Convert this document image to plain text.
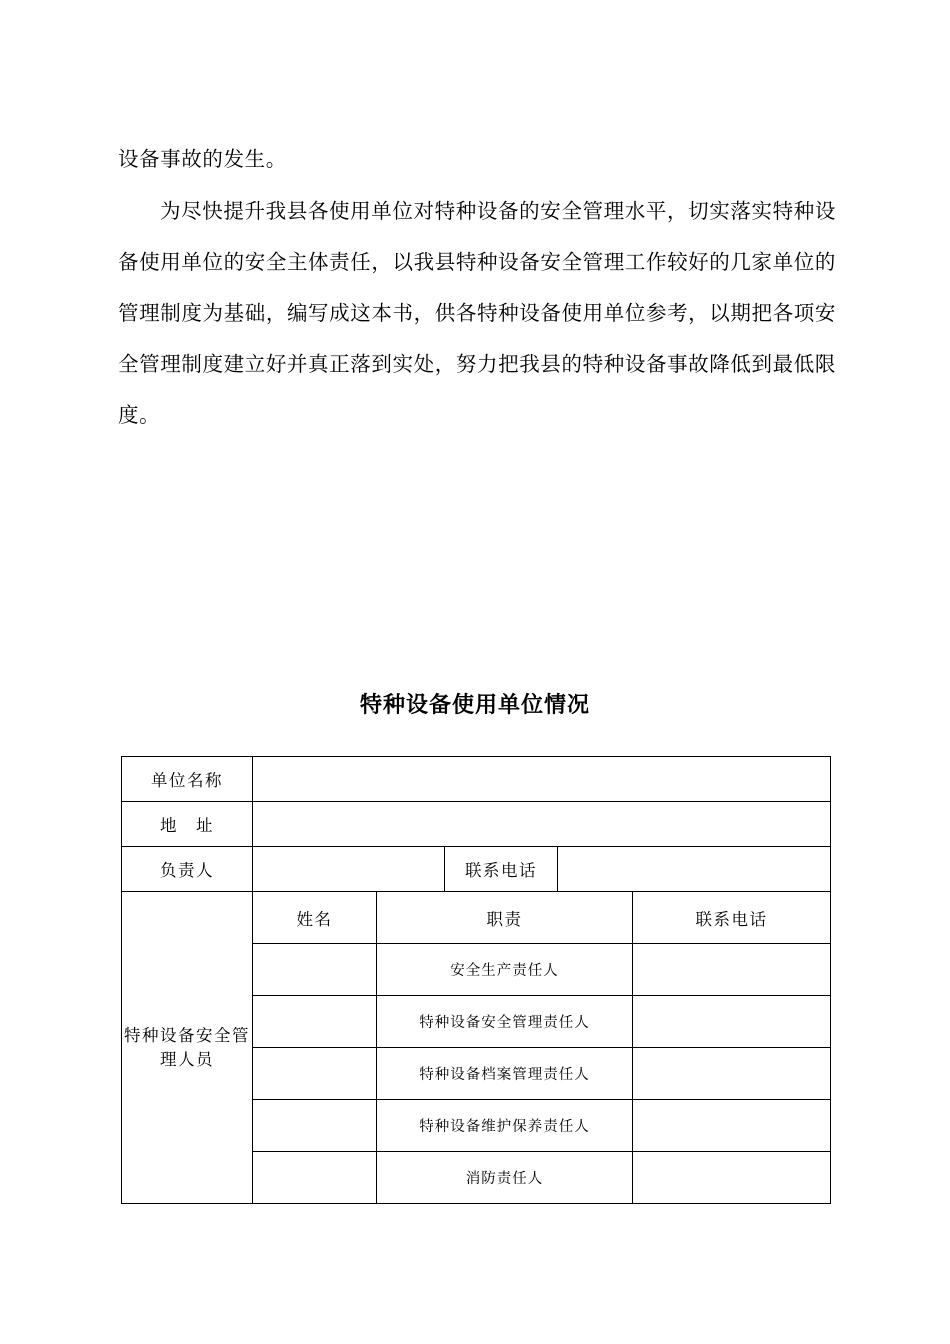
设备事故的发生。

为尽快提升我县各使用单位对特种设备的安全管理水平，切实落实特种设备使用单位的安全主体责任，以我县特种设备安全管理工作较好的几家单位的管理制度为基础，编写成这本书，供各特种设备使用单位参考，以期把各项安全管理制度建立好并真正落到实处，努力把我县的特种设备事故降低到最低限度。

特种设备使用单位情况
单位名称					
地　址					
负责人			联系电话		
特种设备安全管理人员	姓名	职责			联系电话
		安全生产责任人			
		特种设备安全管理责任人			
		特种设备档案管理责任人			
		特种设备维护保养责任人			
		消防责任人			
